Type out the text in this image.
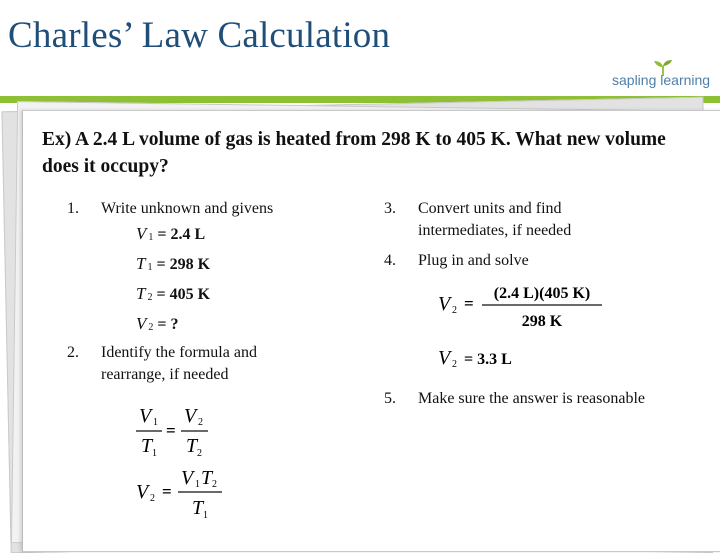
Charles’ Law Calculation
sapling learning
Ex) A 2.4 L volume of gas is heated from 298 K to 405 K. What new volume does it occupy?
1. Write unknown and givens
V $_1$ = 2.4 L
T $_1$ = 298 K
T $_2$ = 405 K
V $_2$ = ?
2. Identify the formula and rearrange, if needed
V 1
T 1
=
V 2
T 2
V 2 =
V 1 T 2
T 1
3. Convert units and find intermediates, if needed
4. Plug in and solve
V 2 =
(2.4 L)(405 K)
298 K
V 2 = 3.3 L
5. Make sure the answer is reasonable
